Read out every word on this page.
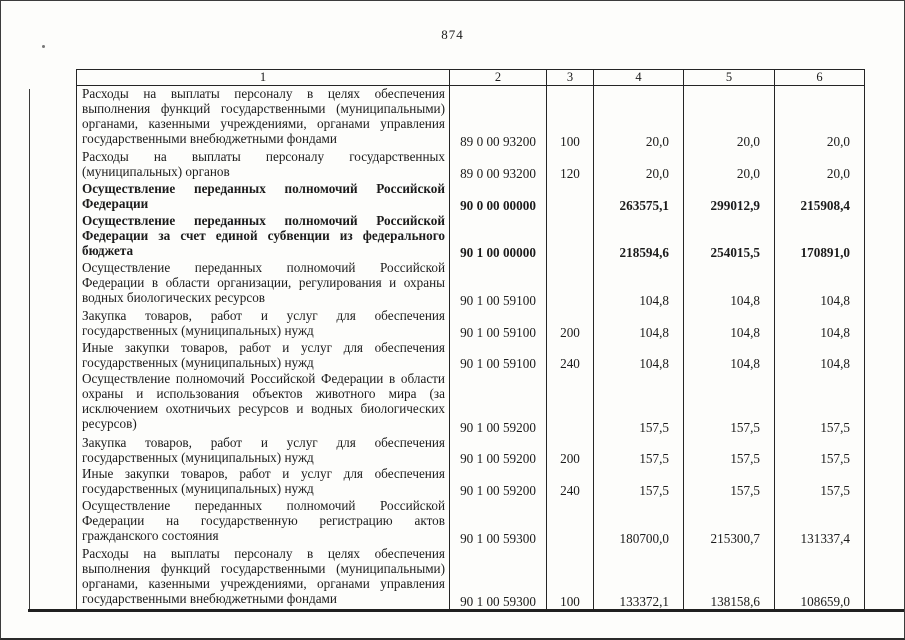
874
1	2	3	4	5	6
Расходы на выплаты персоналу в целях обеспечения выполнения функций государственными (муниципальными) органами, казенными учреждениями, органами управления государственными внебюджетными фондами	89 0 00 93200	100	20,0	20,0	20,0
Расходы на выплаты персоналу государственных (муниципальных) органов	89 0 00 93200	120	20,0	20,0	20,0
Осуществление переданных полномочий Российской Федерации	90 0 00 00000		263575,1	299012,9	215908,4
Осуществление переданных полномочий Российской Федерации за счет единой субвенции из федерального бюджета	90 1 00 00000		218594,6	254015,5	170891,0
Осуществление переданных полномочий Российской Федерации в области организации, регулирования и охраны водных биологических ресурсов	90 1 00 59100		104,8	104,8	104,8
Закупка товаров, работ и услуг для обеспечения государственных (муниципальных) нужд	90 1 00 59100	200	104,8	104,8	104,8
Иные закупки товаров, работ и услуг для обеспечения государственных (муниципальных) нужд	90 1 00 59100	240	104,8	104,8	104,8
Осуществление полномочий Российской Федерации в области охраны и использования объектов животного мира (за исключением охотничьих ресурсов и водных биологических ресурсов)	90 1 00 59200		157,5	157,5	157,5
Закупка товаров, работ и услуг для обеспечения государственных (муниципальных) нужд	90 1 00 59200	200	157,5	157,5	157,5
Иные закупки товаров, работ и услуг для обеспечения государственных (муниципальных) нужд	90 1 00 59200	240	157,5	157,5	157,5
Осуществление переданных полномочий Российской Федерации на государственную регистрацию актов гражданского состояния	90 1 00 59300		180700,0	215300,7	131337,4
Расходы на выплаты персоналу в целях обеспечения выполнения функций государственными (муниципальными) органами, казенными учреждениями, органами управления государственными внебюджетными фондами	90 1 00 59300	100	133372,1	138158,6	108659,0
